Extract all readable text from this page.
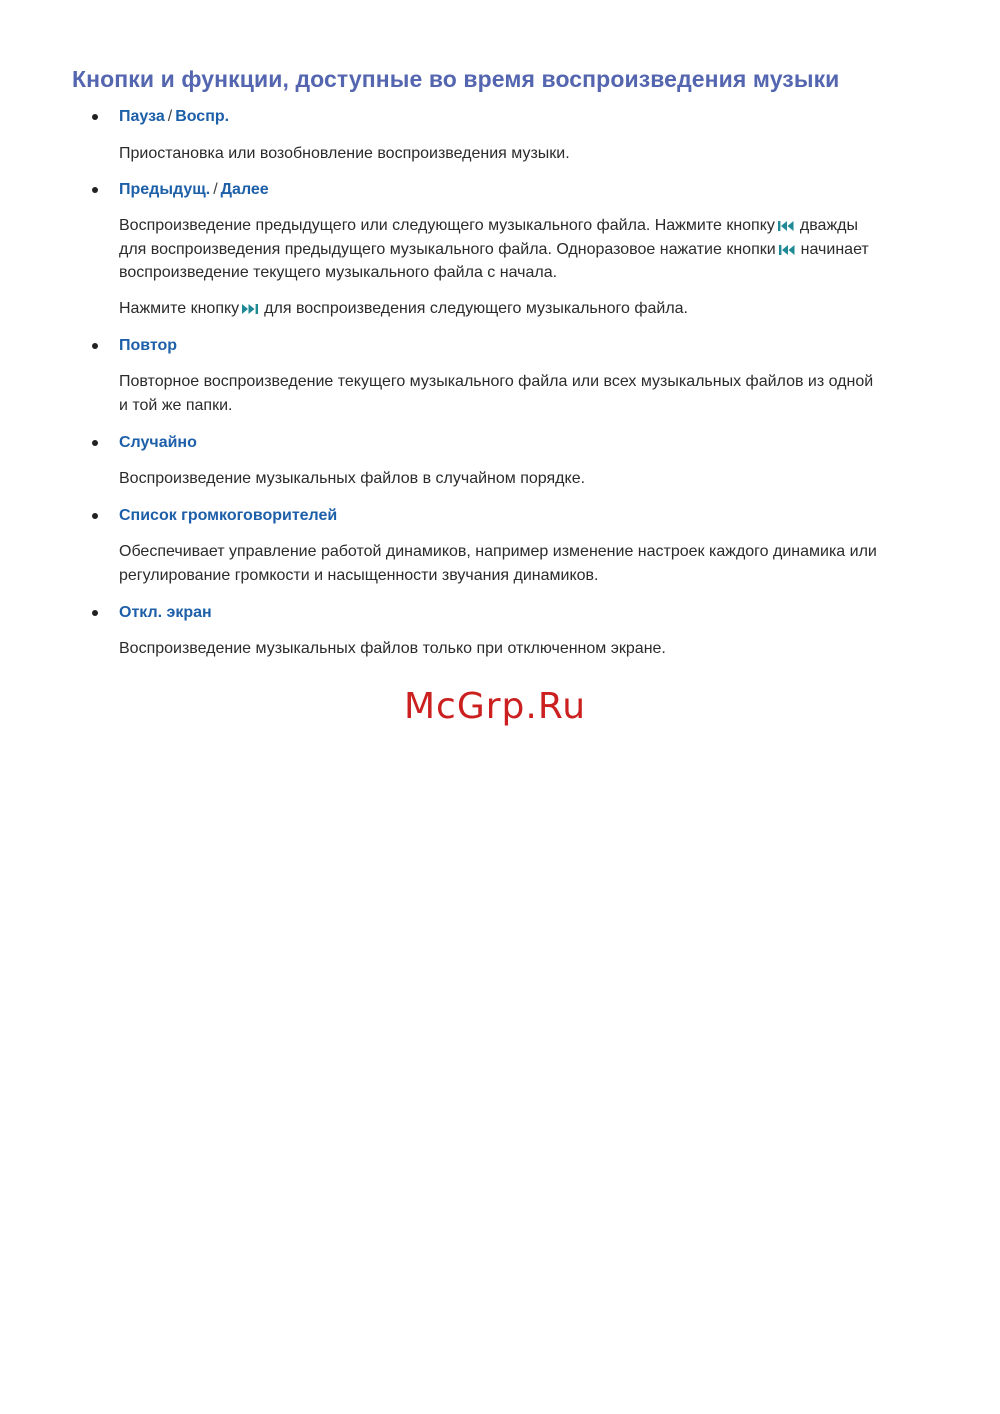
Кнопки и функции, доступные во время воспроизведения музыки
Пауза / Воспр.

Приостановка или возобновление воспроизведения музыки.

Предыдущ. / Далее

Воспроизведение предыдущего или следующего музыкального файла. Нажмите кнопку дважды
для воспроизведения предыдущего музыкального файла. Одноразовое нажатие кнопки начинает
воспроизведение текущего музыкального файла с начала.

Нажмите кнопку для воспроизведения следующего музыкального файла.

Повтор

Повторное воспроизведение текущего музыкального файла или всех музыкальных файлов из одной
и той же папки.

Случайно

Воспроизведение музыкальных файлов в случайном порядке.

Список громкоговорителей

Обеспечивает управление работой динамиков, например изменение настроек каждого динамика или
регулирование громкости и насыщенности звучания динамиков.

Откл. экран

Воспроизведение музыкальных файлов только при отключенном экране.

McGrp.Ru
